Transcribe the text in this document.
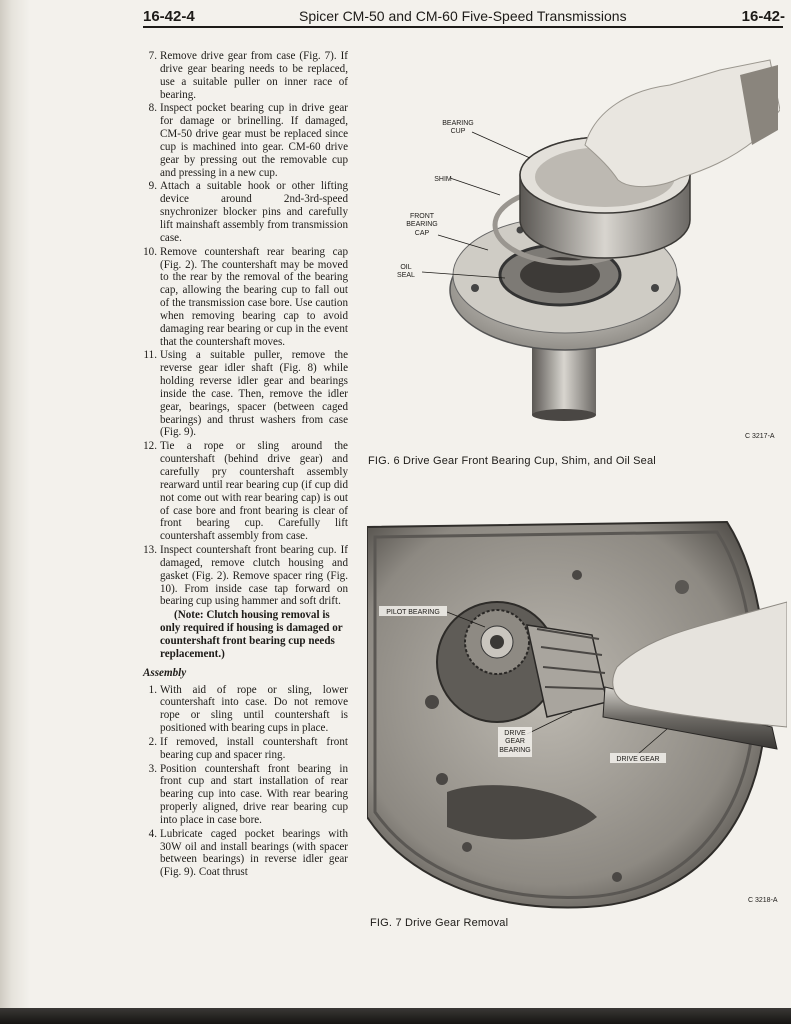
16-42-4	Spicer CM-50 and CM-60 Five-Speed Transmissions	16-42-
7. Remove drive gear from case (Fig. 7). If drive gear bearing needs to be replaced, use a suitable puller on inner race of bearing.
8. Inspect pocket bearing cup in drive gear for damage or brinelling. If damaged, CM-50 drive gear must be replaced since cup is machined into gear. CM-60 drive gear by pressing out the removable cup and pressing in a new cup.
9. Attach a suitable hook or other lifting device around 2nd-3rd-speed snychronizer blocker pins and carefully lift mainshaft assembly from transmission case.
10. Remove countershaft rear bearing cap (Fig. 2). The countershaft may be moved to the rear by the removal of the bearing cap, allowing the bearing cup to fall out of the transmission case bore. Use caution when removing bearing cap to avoid damaging rear bearing or cup in the event that the countershaft moves.
11. Using a suitable puller, remove the reverse gear idler shaft (Fig. 8) while holding reverse idler gear and bearings inside the case. Then, remove the idler gear, bearings, spacer (between caged bearings) and thrust washers from case (Fig. 9).
12. Tie a rope or sling around the countershaft (behind drive gear) and carefully pry countershaft assembly rearward until rear bearing cup (if cup did not come out with rear bearing cap) is out of case bore and front bearing is clear of front bearing cup. Carefully lift countershaft assembly from case.
13. Inspect countershaft front bearing cup. If damaged, remove clutch housing and gasket (Fig. 2). Remove spacer ring (Fig. 10). From inside case tap forward on bearing cup using hammer and soft drift.
(Note: Clutch housing removal is only required if housing is damaged or countershaft front bearing cup needs replacement.)
Assembly
1. With aid of rope or sling, lower countershaft into case. Do not remove rope or sling until countershaft is positioned with bearing cups in place.
2. If removed, install countershaft front bearing cup and spacer ring.
3. Position countershaft front bearing in front cup and start installation of rear bearing cup into case. With rear bearing properly aligned, drive rear bearing cup into place in case bore.
4. Lubricate caged pocket bearings with 30W oil and install bearings (with spacer between bearings) in reverse idler gear (Fig. 9). Coat thrust
BEARING
CUP
SHIM
FRONT
BEARING
CAP
OIL
SEAL
C 3217-A
FIG. 6 Drive Gear Front Bearing Cup, Shim, and Oil Seal
PILOT BEARING
DRIVE
GEAR
BEARING
DRIVE GEAR
C 3218-A
FIG. 7 Drive Gear Removal
